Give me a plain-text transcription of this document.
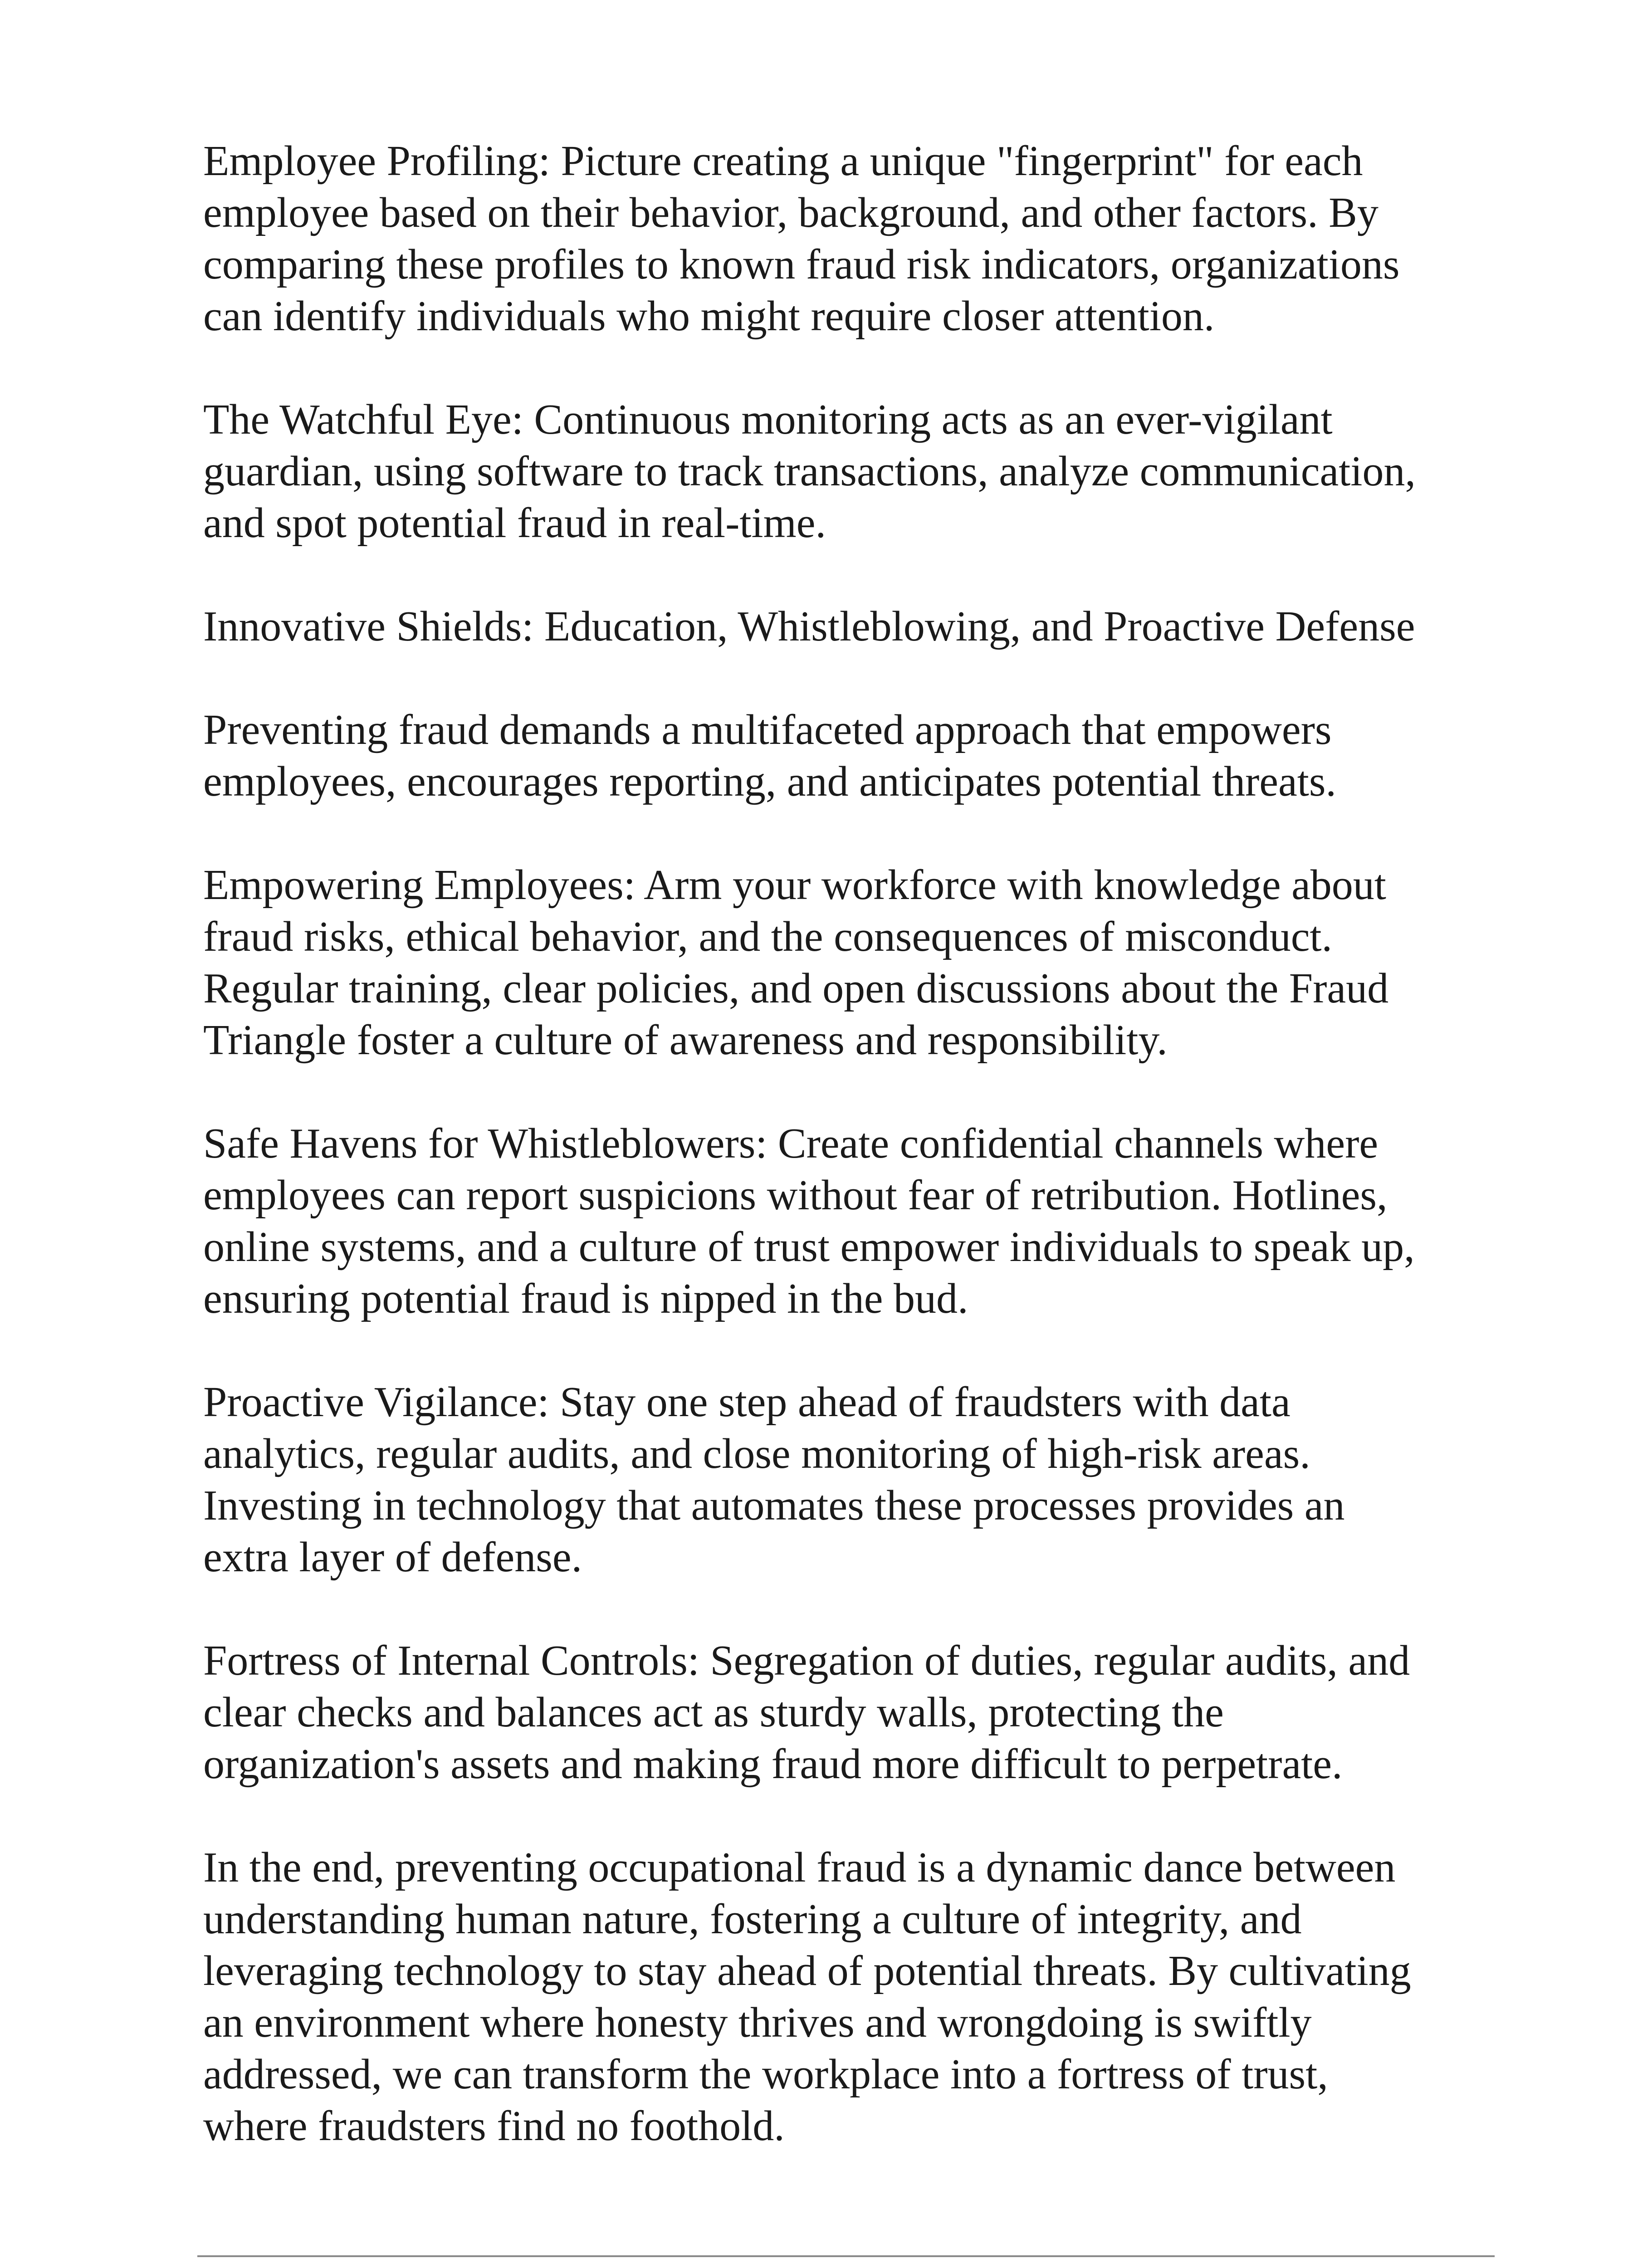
Employee Profiling: Picture creating a unique "fingerprint" for each
employee based on their behavior, background, and other factors. By
comparing these profiles to known fraud risk indicators, organizations
can identify individuals who might require closer attention.

The Watchful Eye: Continuous monitoring acts as an ever-vigilant
guardian, using software to track transactions, analyze communication,
and spot potential fraud in real-time.

Innovative Shields: Education, Whistleblowing, and Proactive Defense

Preventing fraud demands a multifaceted approach that empowers
employees, encourages reporting, and anticipates potential threats.

Empowering Employees: Arm your workforce with knowledge about
fraud risks, ethical behavior, and the consequences of misconduct.
Regular training, clear policies, and open discussions about the Fraud
Triangle foster a culture of awareness and responsibility.

Safe Havens for Whistleblowers: Create confidential channels where
employees can report suspicions without fear of retribution. Hotlines,
online systems, and a culture of trust empower individuals to speak up,
ensuring potential fraud is nipped in the bud.

Proactive Vigilance: Stay one step ahead of fraudsters with data
analytics, regular audits, and close monitoring of high-risk areas.
Investing in technology that automates these processes provides an
extra layer of defense.

Fortress of Internal Controls: Segregation of duties, regular audits, and
clear checks and balances act as sturdy walls, protecting the
organization's assets and making fraud more difficult to perpetrate.

In the end, preventing occupational fraud is a dynamic dance between
understanding human nature, fostering a culture of integrity, and
leveraging technology to stay ahead of potential threats. By cultivating
an environment where honesty thrives and wrongdoing is swiftly
addressed, we can transform the workplace into a fortress of trust,
where fraudsters find no foothold.
